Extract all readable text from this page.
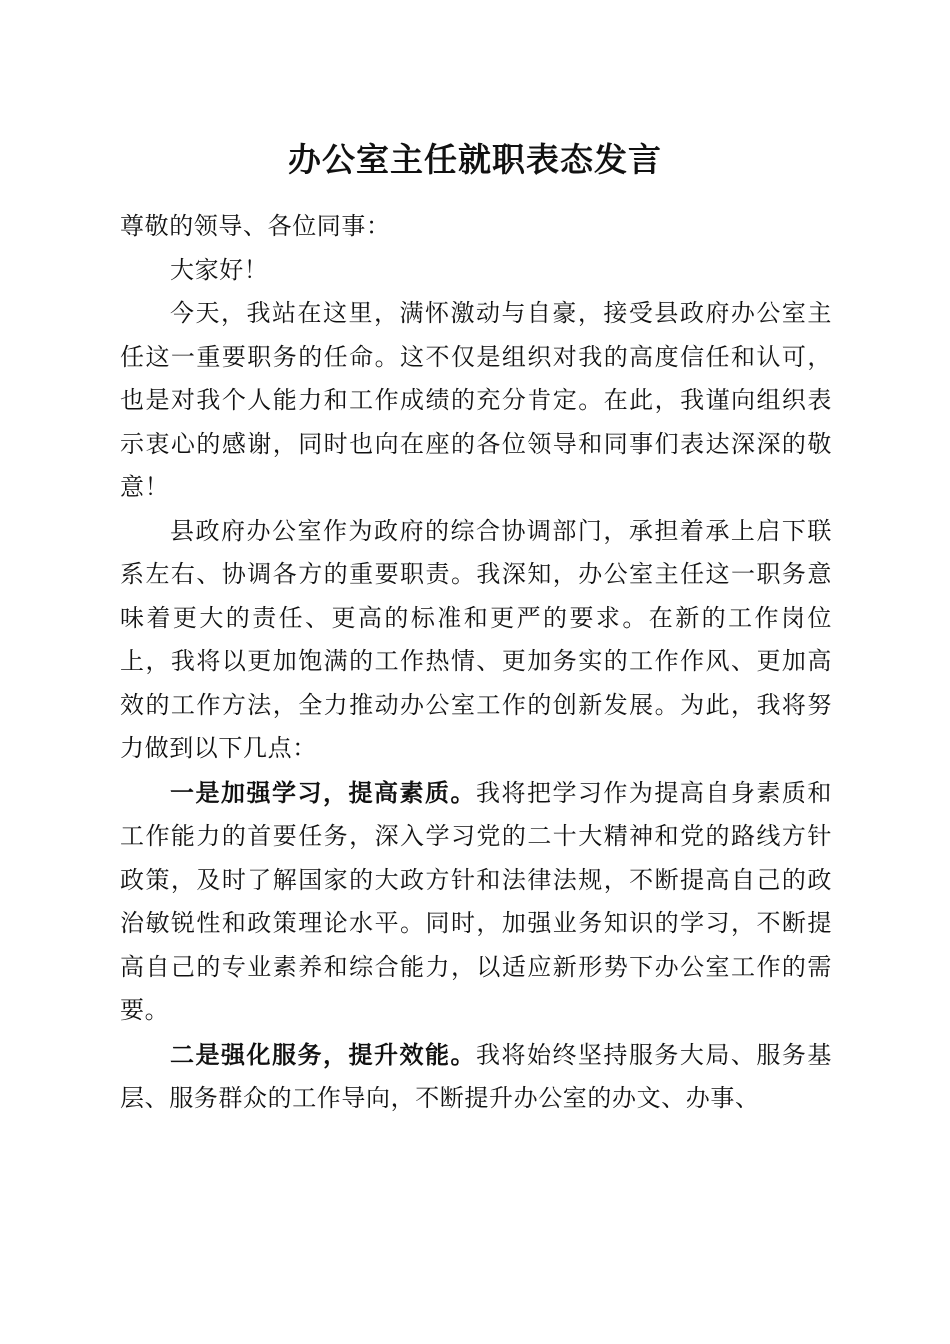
办公室主任就职表态发言

尊敬的领导、各位同事：

大家好！

今天，我站在这里，满怀激动与自豪，接受县政府办公室主任这一重要职务的任命。这不仅是组织对我的高度信任和认可，也是对我个人能力和工作成绩的充分肯定。在此，我谨向组织表示衷心的感谢，同时也向在座的各位领导和同事们表达深深的敬意！

县政府办公室作为政府的综合协调部门，承担着承上启下联系左右、协调各方的重要职责。我深知，办公室主任这一职务意味着更大的责任、更高的标准和更严的要求。在新的工作岗位上，我将以更加饱满的工作热情、更加务实的工作作风、更加高效的工作方法，全力推动办公室工作的创新发展。为此，我将努力做到以下几点：

一是加强学习，提高素质。我将把学习作为提高自身素质和工作能力的首要任务，深入学习党的二十大精神和党的路线方针政策，及时了解国家的大政方针和法律法规，不断提高自己的政治敏锐性和政策理论水平。同时，加强业务知识的学习，不断提高自己的专业素养和综合能力，以适应新形势下办公室工作的需要。

二是强化服务，提升效能。我将始终坚持服务大局、服务基层、服务群众的工作导向，不断提升办公室的办文、办事、
